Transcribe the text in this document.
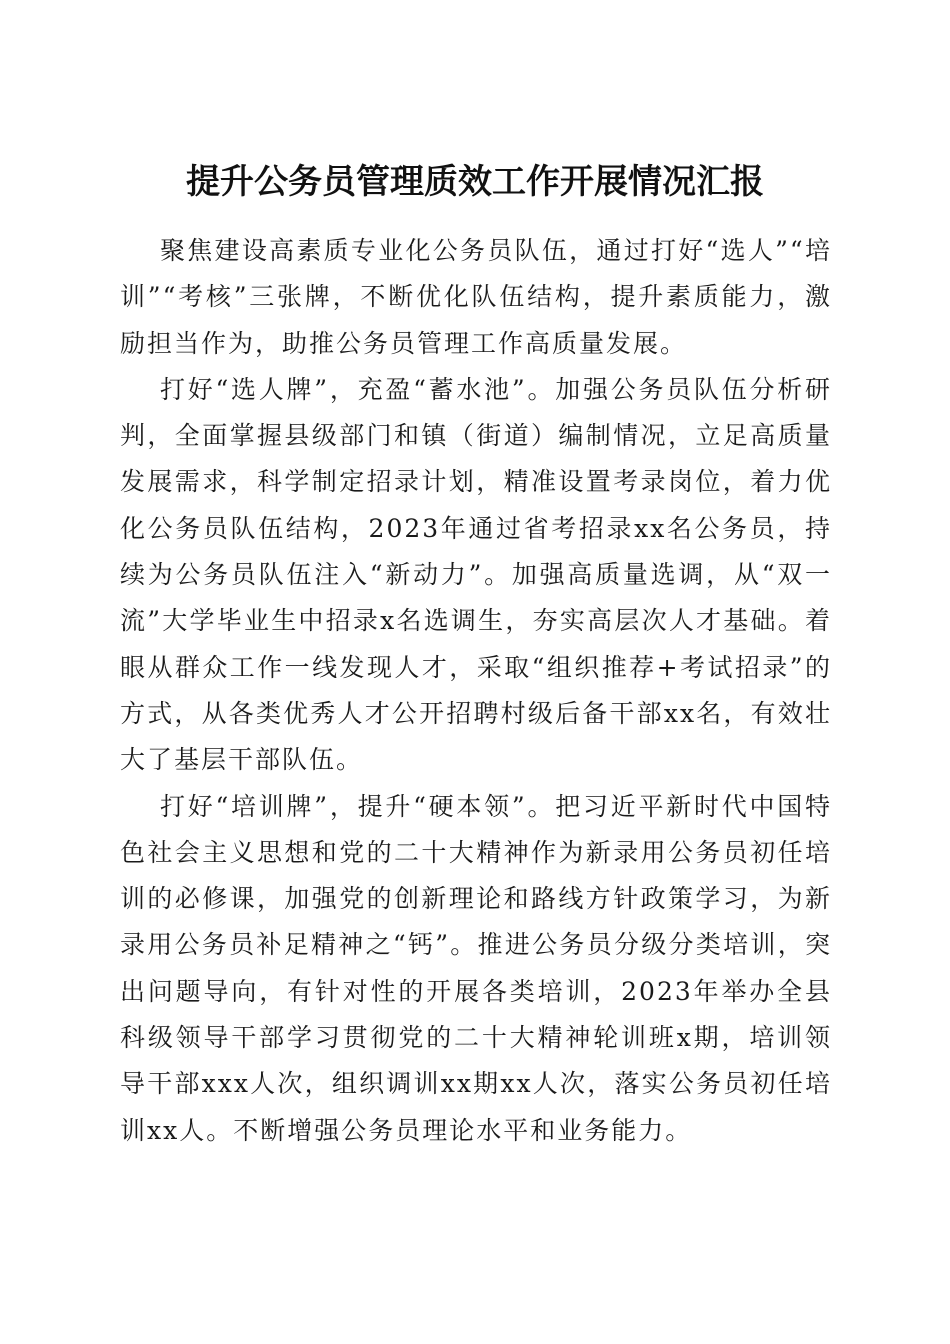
提升公务员管理质效工作开展情况汇报

聚焦建设高素质专业化公务员队伍，通过打好“选人”“培训”“考核”三张牌，不断优化队伍结构，提升素质能力，激励担当作为，助推公务员管理工作高质量发展。

打好“选人牌”，充盈“蓄水池”。加强公务员队伍分析研判，全面掌握县级部门和镇（街道）编制情况，立足高质量发展需求，科学制定招录计划，精准设置考录岗位，着力优化公务员队伍结构，2023年通过省考招录xx名公务员，持续为公务员队伍注入“新动力”。加强高质量选调，从“双一流”大学毕业生中招录x名选调生，夯实高层次人才基础。着眼从群众工作一线发现人才，采取“组织推荐+考试招录”的方式，从各类优秀人才公开招聘村级后备干部xx名，有效壮大了基层干部队伍。

打好“培训牌”，提升“硬本领”。把习近平新时代中国特色社会主义思想和党的二十大精神作为新录用公务员初任培训的必修课，加强党的创新理论和路线方针政策学习，为新录用公务员补足精神之“钙”。推进公务员分级分类培训，突出问题导向，有针对性的开展各类培训，2023年举办全县科级领导干部学习贯彻党的二十大精神轮训班x期，培训领导干部xxx人次，组织调训xx期xx人次，落实公务员初任培训xx人。不断增强公务员理论水平和业务能力。
